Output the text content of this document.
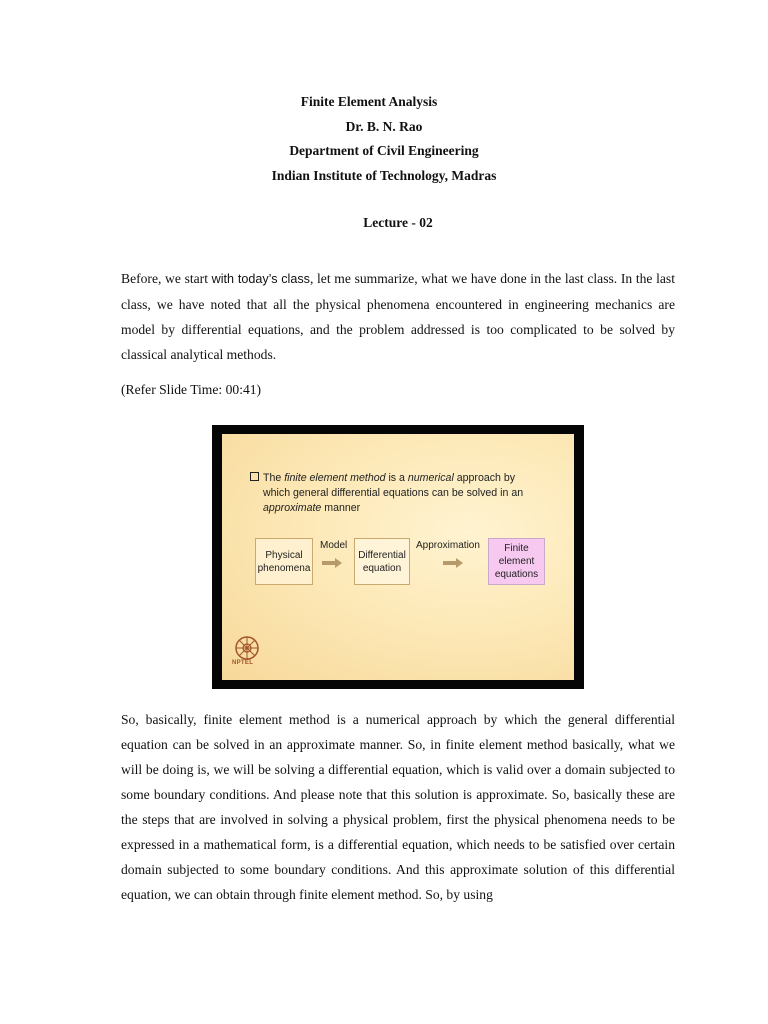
Finite Element Analysis
Dr. B. N. Rao
Department of Civil Engineering
Indian Institute of Technology, Madras
Lecture - 02

Before, we start with today’s class, let me summarize, what we have done in the last class. In the last class, we have noted that all the physical phenomena encountered in engineering mechanics are model by differential equations, and the problem addressed is too complicated to be solved by classical analytical methods.

(Refer Slide Time: 00:41)
The finite element method is a numerical approach by
which general differential equations can be solved in an
approximate manner
Physical phenomena
Model
Differential equation
Approximation	Finite element equations
NPTEL

So, basically, finite element method is a numerical approach by which the general differential equation can be solved in an approximate manner. So, in finite element method basically, what we will be doing is, we will be solving a differential equation, which is valid over a domain subjected to some boundary conditions. And please note that this solution is approximate. So, basically these are the steps that are involved in solving a physical problem, first the physical phenomena needs to be expressed in a mathematical form, is a differential equation, which needs to be satisfied over certain domain subjected to some boundary conditions. And this approximate solution of this differential equation, we can obtain through finite element method. So, by using
